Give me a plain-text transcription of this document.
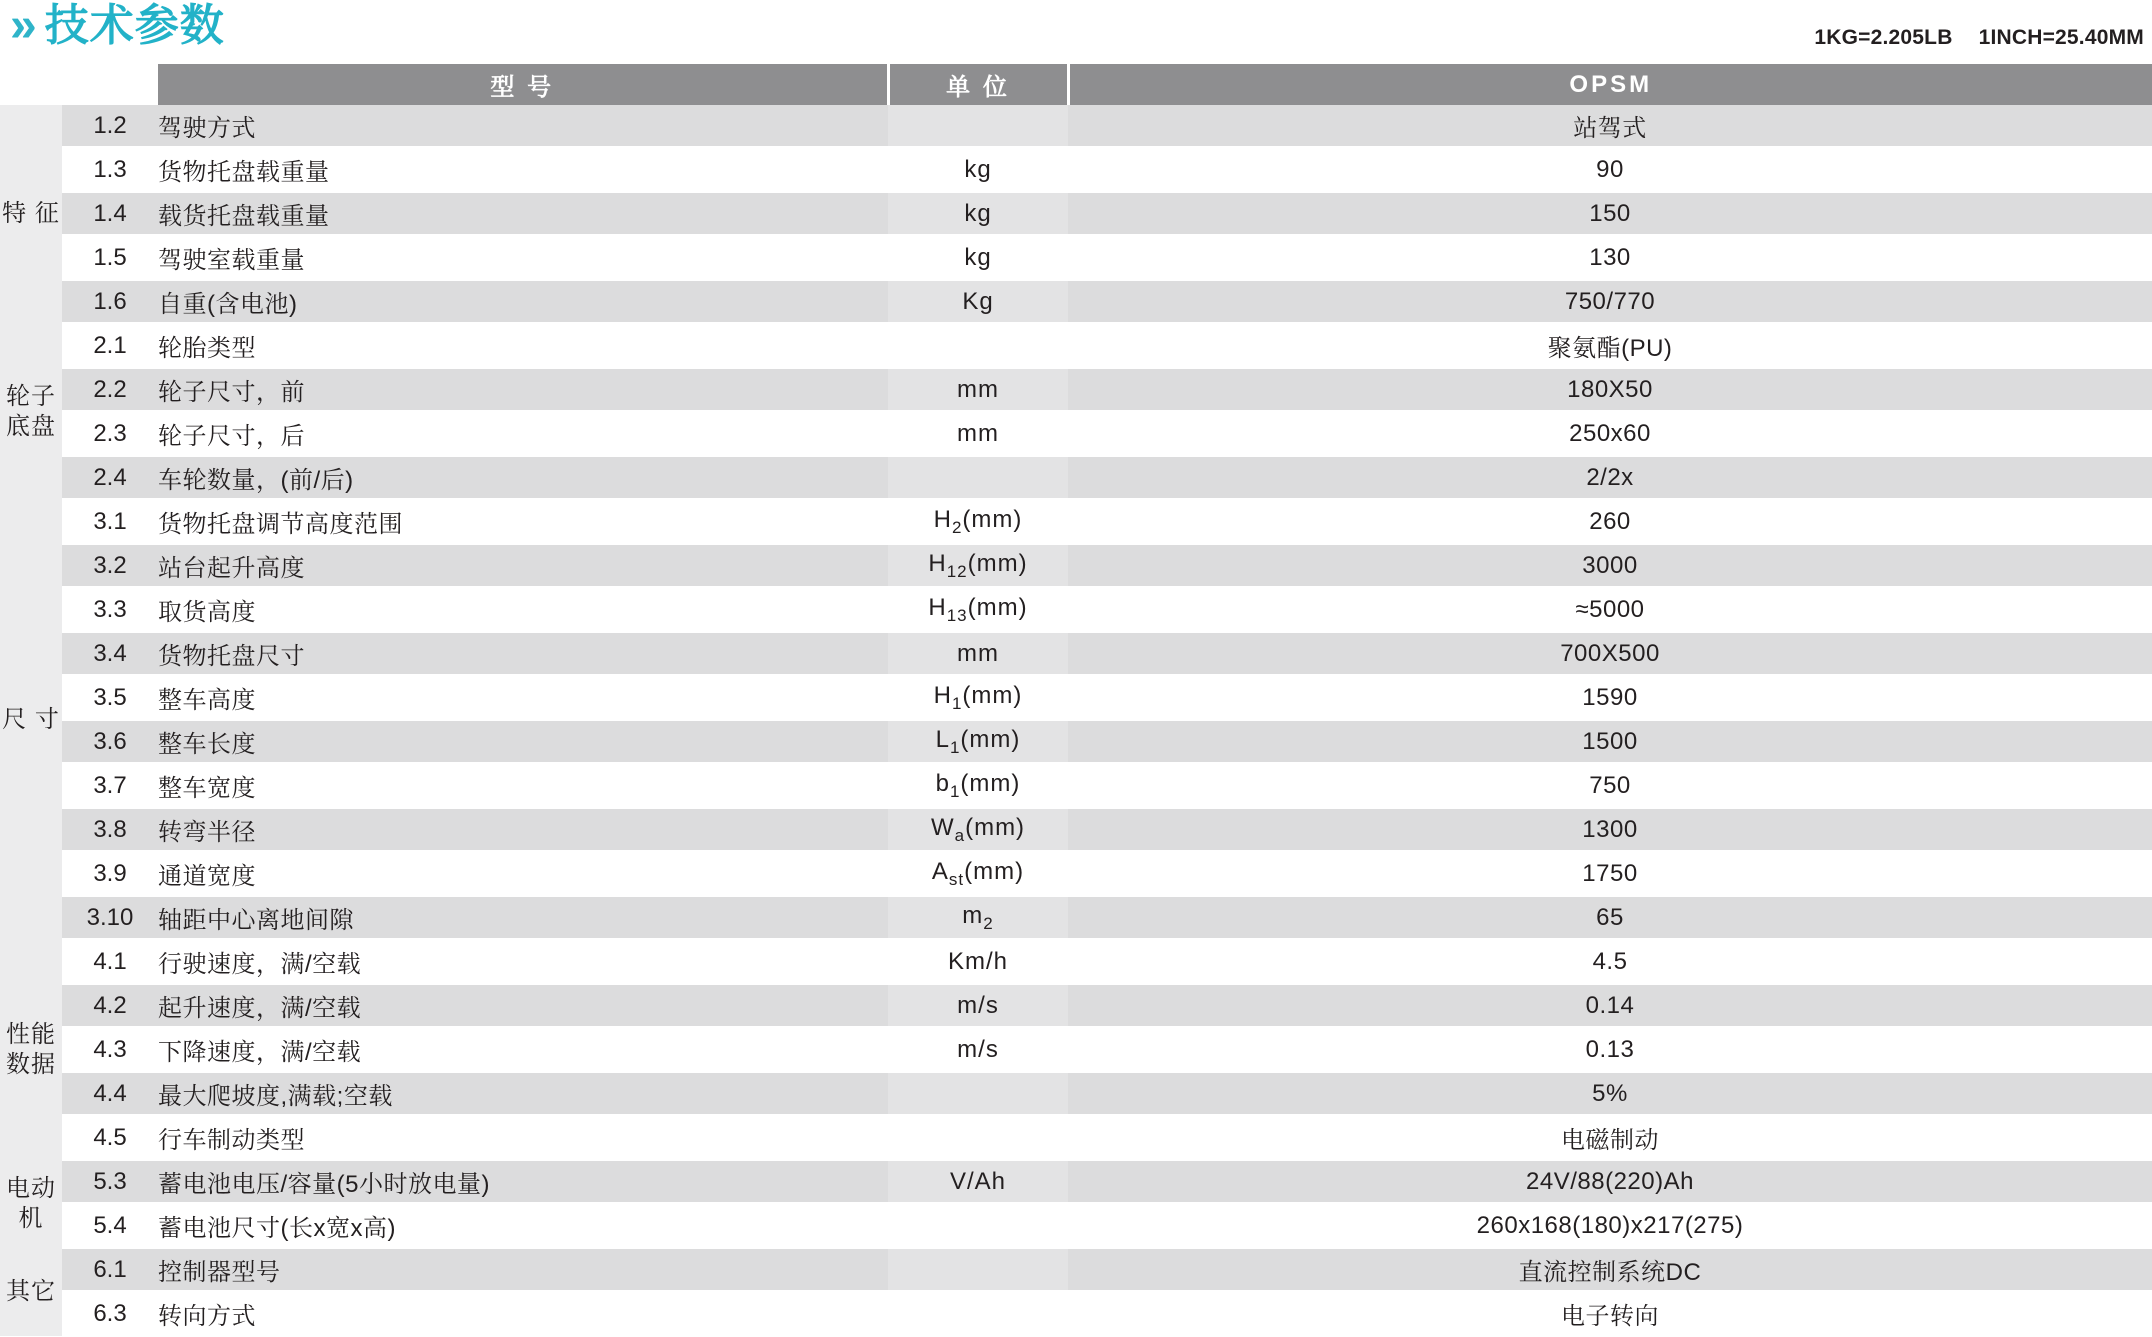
» 技术参数	1KG=2.205LB 1INCH=25.40MM
		型 号	单 位	OPSM
特 征	1.2	驾驶方式		站驾式
	1.3	货物托盘载重量	kg	90
	1.4	载货托盘载重量	kg	150
	1.5	驾驶室载重量	kg	130
	1.6	自重(含电池)	Kg	750/770
轮子底盘	2.1	轮胎类型		聚氨酯(PU)
	2.2	轮子尺寸，前	mm	180X50
	2.3	轮子尺寸，后	mm	250x60
	2.4	车轮数量，(前/后)		2/2x
尺 寸	3.1	货物托盘调节高度范围	$H_2(mm)$	260
	3.2	站台起升高度	$H_{12}(mm)$	3000
	3.3	取货高度	$H_{13}(mm)$	≈5000
	3.4	货物托盘尺寸	mm	700X500
	3.5	整车高度	$H_1(mm)$	1590
	3.6	整车长度	$L_1(mm)$	1500
	3.7	整车宽度	$b_1(mm)$	750
	3.8	转弯半径	$W_a(mm)$	1300
	3.9	通道宽度	$A_{st}(mm)$	1750
	3.10	轴距中心离地间隙	$m_2$	65
性能数据	4.1	行驶速度，满/空载	Km/h	4.5
	4.2	起升速度，满/空载	m/s	0.14
	4.3	下降速度，满/空载	m/s	0.13
	4.4	最大爬坡度,满载;空载		5%
	4.5	行车制动类型		电磁制动
电动机	5.3	蓄电池电压/容量(5小时放电量)	V/Ah	24V/88(220)Ah
	5.4	蓄电池尺寸(长x宽x高)		260x168(180)x217(275)
其它	6.1	控制器型号		直流控制系统DC
	6.3	转向方式		电子转向
